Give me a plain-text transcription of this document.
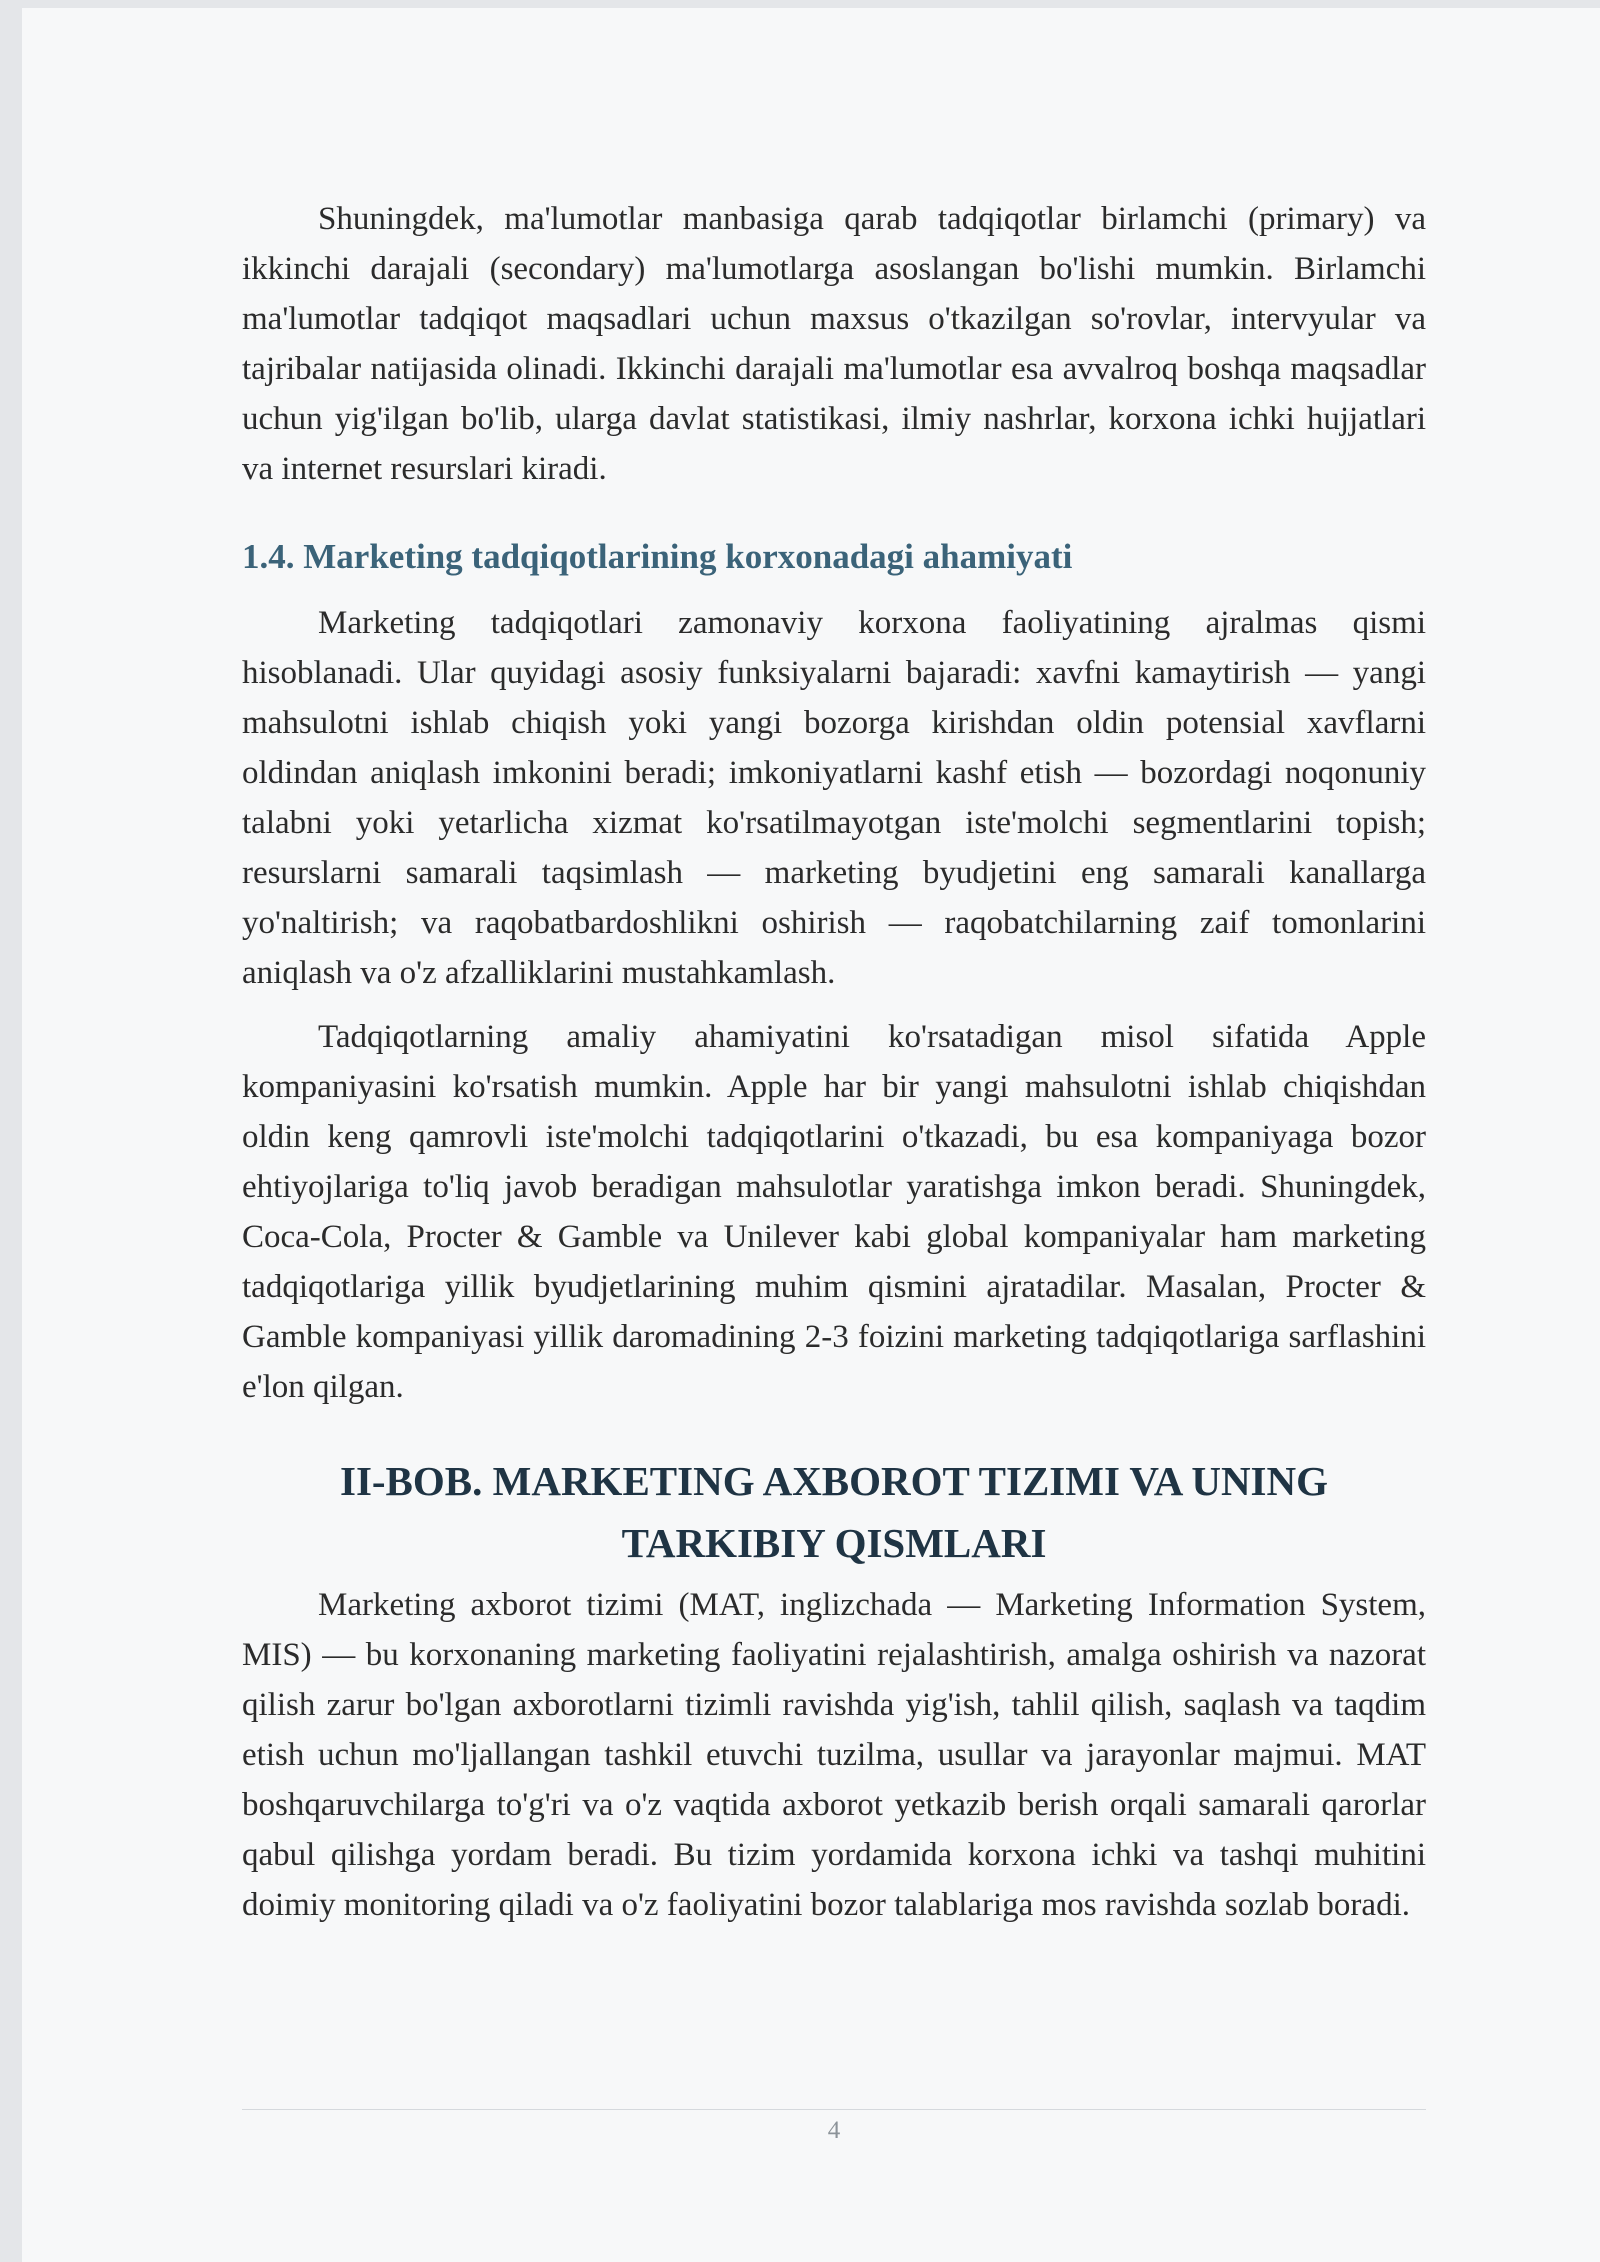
Shuningdek, ma'lumotlar manbasiga qarab tadqiqotlar birlamchi (primary) va ikkinchi darajali (secondary) ma'lumotlarga asoslangan bo'lishi mumkin. Birlamchi ma'lumotlar tadqiqot maqsadlari uchun maxsus o'tkazilgan so'rovlar, intervyular va tajribalar natijasida olinadi. Ikkinchi darajali ma'lumotlar esa avvalroq boshqa maqsadlar uchun yig'ilgan bo'lib, ularga davlat statistikasi, ilmiy nashrlar, korxona ichki hujjatlari va internet resurslari kiradi.

1.4. Marketing tadqiqotlarining korxonadagi ahamiyati

Marketing tadqiqotlari zamonaviy korxona faoliyatining ajralmas qismi hisoblanadi. Ular quyidagi asosiy funksiyalarni bajaradi: xavfni kamaytirish — yangi mahsulotni ishlab chiqish yoki yangi bozorga kirishdan oldin potensial xavflarni oldindan aniqlash imkonini beradi; imkoniyatlarni kashf etish — bozordagi noqonuniy talabni yoki yetarlicha xizmat ko'rsatilmayotgan iste'molchi segmentlarini topish; resurslarni samarali taqsimlash — marketing byudjetini eng samarali kanallarga yo'naltirish; va raqobatbardoshlikni oshirish — raqobatchilarning zaif tomonlarini aniqlash va o'z afzalliklarini mustahkamlash.

Tadqiqotlarning amaliy ahamiyatini ko'rsatadigan misol sifatida Apple kompaniyasini ko'rsatish mumkin. Apple har bir yangi mahsulotni ishlab chiqishdan oldin keng qamrovli iste'molchi tadqiqotlarini o'tkazadi, bu esa kompaniyaga bozor ehtiyojlariga to'liq javob beradigan mahsulotlar yaratishga imkon beradi. Shuningdek, Coca-Cola, Procter & Gamble va Unilever kabi global kompaniyalar ham marketing tadqiqotlariga yillik byudjetlarining muhim qismini ajratadilar. Masalan, Procter & Gamble kompaniyasi yillik daromadining 2-3 foizini marketing tadqiqotlariga sarflashini e'lon qilgan.

II-BOB. MARKETING AXBOROT TIZIMI VA UNING
TARKIBIY QISMLARI

Marketing axborot tizimi (MAT, inglizchada — Marketing Information System, MIS) — bu korxonaning marketing faoliyatini rejalashtirish, amalga oshirish va nazorat qilish zarur bo'lgan axborotlarni tizimli ravishda yig'ish, tahlil qilish, saqlash va taqdim etish uchun mo'ljallangan tashkil etuvchi tuzilma, usullar va jarayonlar majmui. MAT boshqaruvchilarga to'g'ri va o'z vaqtida axborot yetkazib berish orqali samarali qarorlar qabul qilishga yordam beradi. Bu tizim yordamida korxona ichki va tashqi muhitini doimiy monitoring qiladi va o'z faoliyatini bozor talablariga mos ravishda sozlab boradi.

4
